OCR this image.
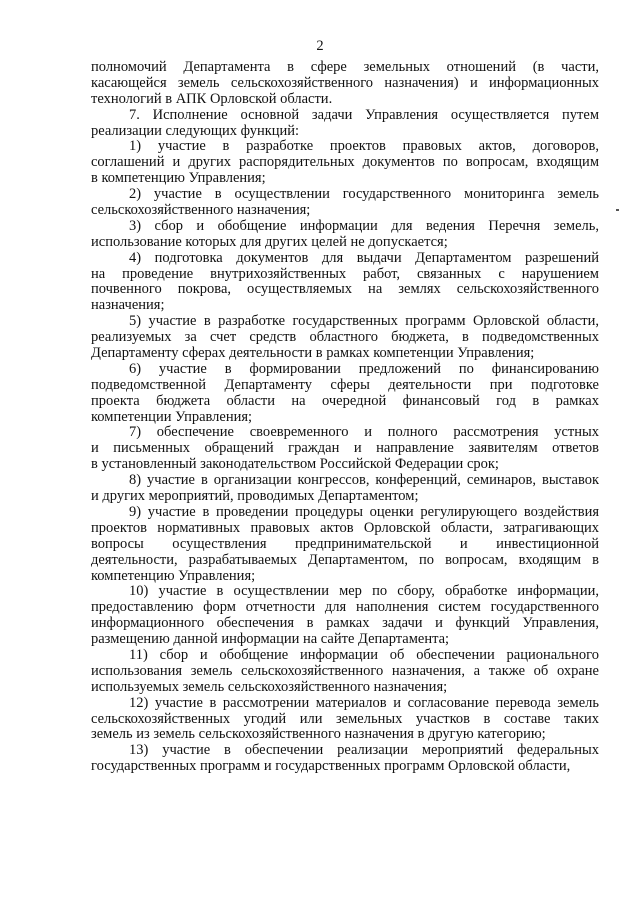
2
полномочий Департамента в сфере земельных отношений (в части,
касающейся земель сельскохозяйственного назначения) и информационных
технологий в АПК Орловской области.
7. Исполнение основной задачи Управления осуществляется путем
реализации следующих функций:
1) участие в разработке проектов правовых актов, договоров,
соглашений и других распорядительных документов по вопросам, входящим
в компетенцию Управления;
2) участие в осуществлении государственного мониторинга земель
сельскохозяйственного назначения;
3) сбор и обобщение информации для ведения Перечня земель,
использование которых для других целей не допускается;
4) подготовка документов для выдачи Департаментом разрешений
на проведение внутрихозяйственных работ, связанных с нарушением
почвенного покрова, осуществляемых на землях сельскохозяйственного
назначения;
5) участие в разработке государственных программ Орловской области,
реализуемых за счет средств областного бюджета, в подведомственных
Департаменту сферах деятельности в рамках компетенции Управления;
6) участие в формировании предложений по финансированию
подведомственной Департаменту сферы деятельности при подготовке
проекта бюджета области на очередной финансовый год в рамках
компетенции Управления;
7) обеспечение своевременного и полного рассмотрения устных
и письменных обращений граждан и направление заявителям ответов
в установленный законодательством Российской Федерации срок;
8) участие в организации конгрессов, конференций, семинаров, выставок
и других мероприятий, проводимых Департаментом;
9) участие в проведении процедуры оценки регулирующего воздействия
проектов нормативных правовых актов Орловской области, затрагивающих
вопросы осуществления предпринимательской и инвестиционной
деятельности, разрабатываемых Департаментом, по вопросам, входящим в
компетенцию Управления;
10) участие в осуществлении мер по сбору, обработке информации,
предоставлению форм отчетности для наполнения систем государственного
информационного обеспечения в рамках задачи и функций Управления,
размещению данной информации на сайте Департамента;
11) сбор и обобщение информации об обеспечении рационального
использования земель сельскохозяйственного назначения, а также об охране
используемых земель сельскохозяйственного назначения;
12) участие в рассмотрении материалов и согласование перевода земель
сельскохозяйственных угодий или земельных участков в составе таких
земель из земель сельскохозяйственного назначения в другую категорию;
13) участие в обеспечении реализации мероприятий федеральных
государственных программ и государственных программ Орловской области,
